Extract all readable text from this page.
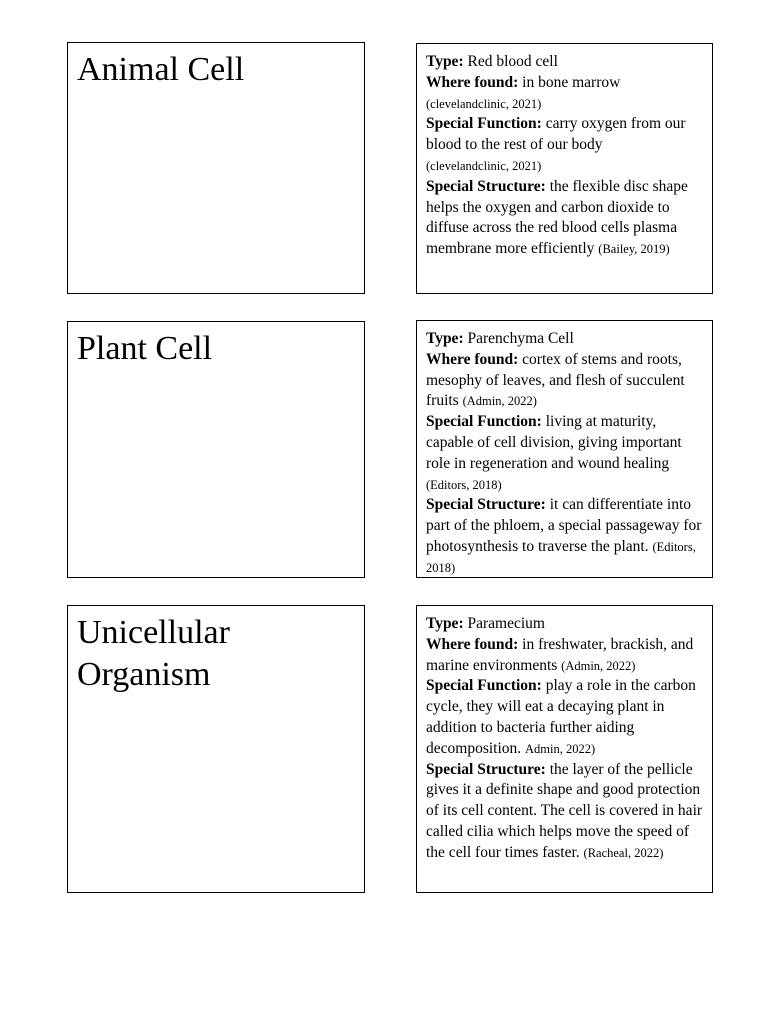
Animal Cell	Type: Red blood cell

Where found: in bone marrow
(clevelandclinic, 2021)

Special Function: carry oxygen from our blood to the rest of our body
(clevelandclinic, 2021)

Special Structure: the flexible disc shape helps the oxygen and carbon dioxide to diffuse across the red blood cells plasma membrane more efficiently (Bailey, 2019)

Plant Cell	Type: Parenchyma Cell

Where found: cortex of stems and roots, mesophy of leaves, and flesh of succulent fruits (Admin, 2022)

Special Function: living at maturity, capable of cell division, giving important role in regeneration and wound healing (Editors, 2018)

Special Structure: it can differentiate into part of the phloem, a special passageway for photosynthesis to traverse the plant. (Editors, 2018)

Unicellular
Organism

Type: Paramecium

Where found: in freshwater, brackish, and marine environments (Admin, 2022)

Special Function: play a role in the carbon cycle, they will eat a decaying plant in addition to bacteria further aiding decomposition. Admin, 2022)

Special Structure: the layer of the pellicle gives it a definite shape and good protection of its cell content. The cell is covered in hair called cilia which helps move the speed of the cell four times faster. (Racheal, 2022)
